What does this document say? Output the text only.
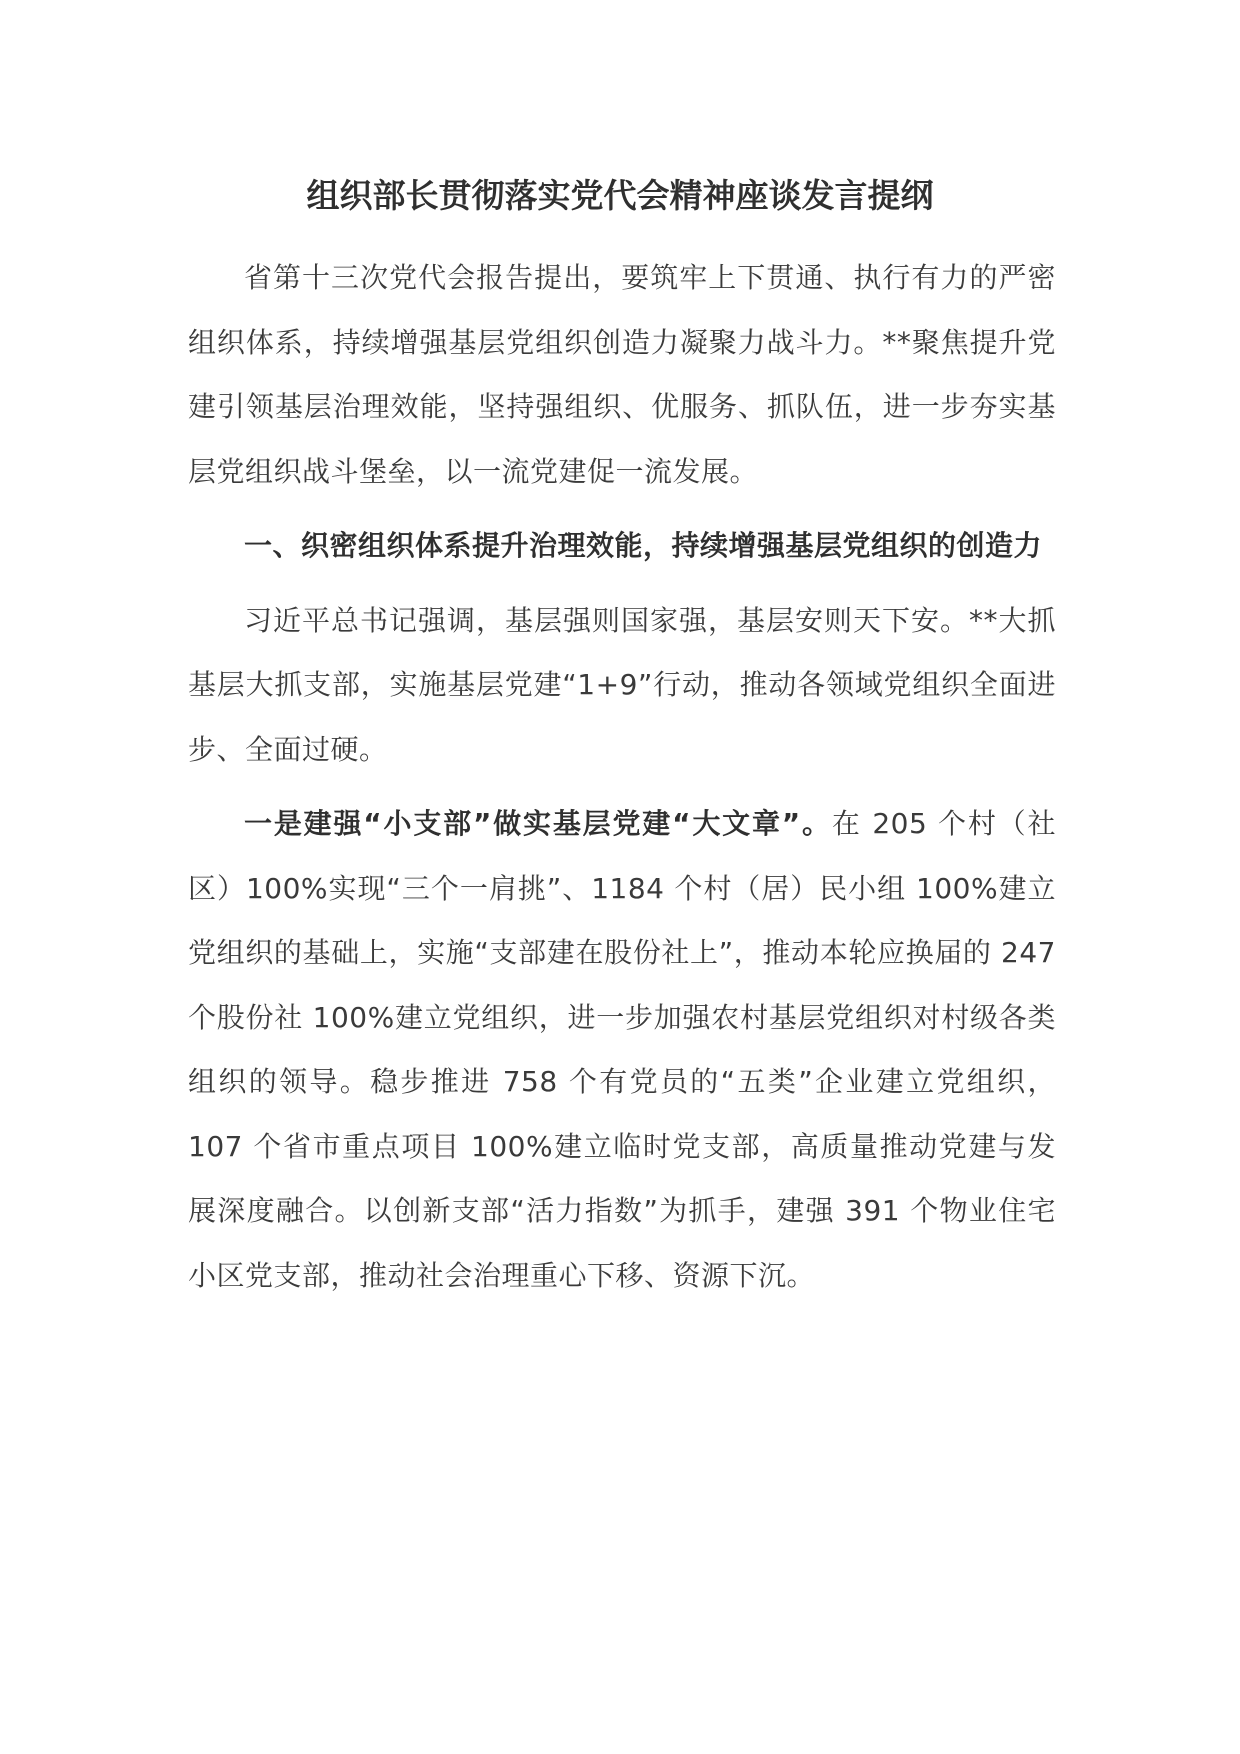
组织部长贯彻落实党代会精神座谈发言提纲

省第十三次党代会报告提出，要筑牢上下贯通、执行有力的严密组织体系，持续增强基层党组织创造力凝聚力战斗力。**聚焦提升党建引领基层治理效能，坚持强组织、优服务、抓队伍，进一步夯实基层党组织战斗堡垒，以一流党建促一流发展。

一、织密组织体系提升治理效能，持续增强基层党组织的创造力

习近平总书记强调，基层强则国家强，基层安则天下安。**大抓基层大抓支部，实施基层党建“1+9”行动，推动各领域党组织全面进步、全面过硬。

一是建强“小支部”做实基层党建“大文章”。在 205 个村（社区）100%实现“三个一肩挑”、1184 个村（居）民小组 100%建立党组织的基础上，实施“支部建在股份社上”，推动本轮应换届的 247 个股份社 100%建立党组织，进一步加强农村基层党组织对村级各类组织的领导。稳步推进 758 个有党员的“五类”企业建立党组织，107 个省市重点项目 100%建立临时党支部，高质量推动党建与发展深度融合。以创新支部“活力指数”为抓手，建强 391 个物业住宅小区党支部，推动社会治理重心下移、资源下沉。
